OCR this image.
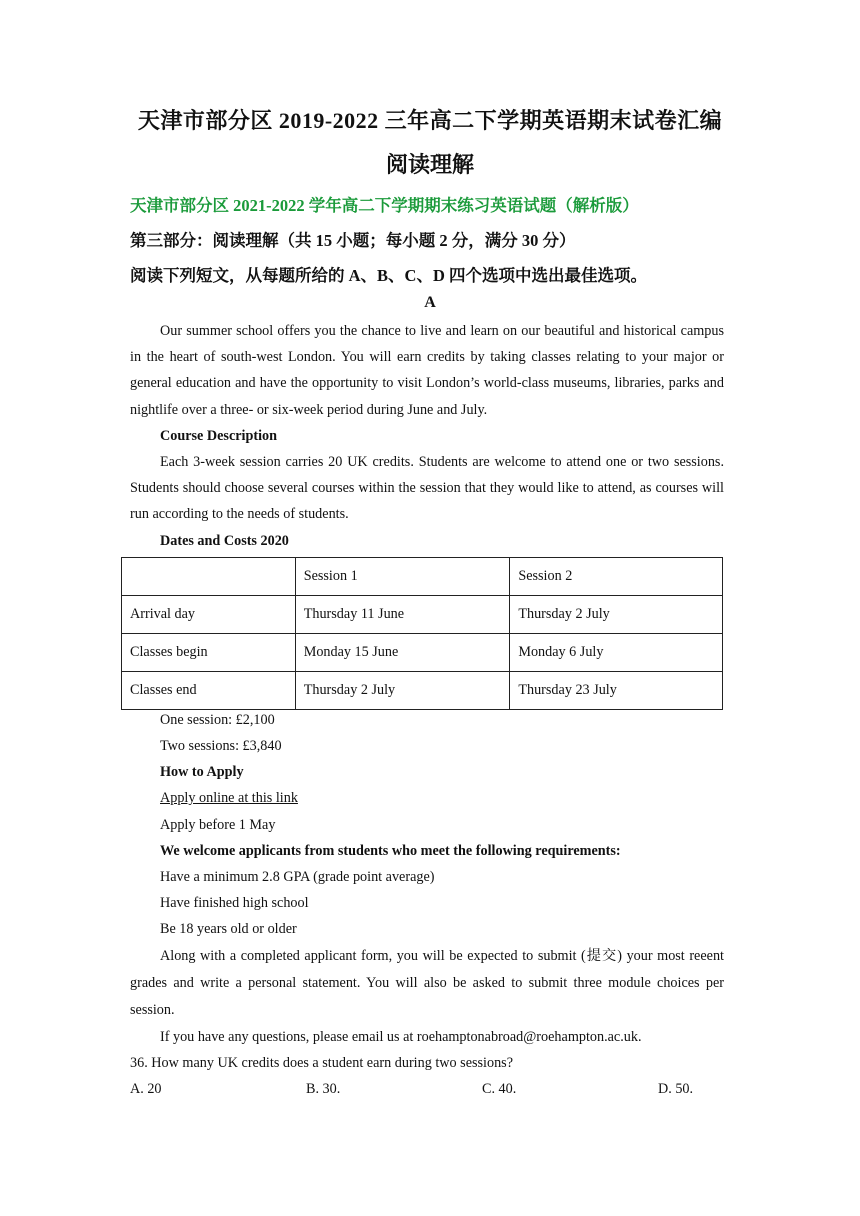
天津市部分区 2019-2022 三年高二下学期英语期末试卷汇编
阅读理解
天津市部分区 2021-2022 学年高二下学期期末练习英语试题（解析版）
第三部分：阅读理解（共 15 小题；每小题 2 分，满分 30 分）
阅读下列短文，从每题所给的 A、B、C、D 四个选项中选出最佳选项。
A
Our summer school offers you the chance to live and learn on our beautiful and historical campus in the heart of south-west London. You will earn credits by taking classes relating to your major or general education and have the opportunity to visit London’s world-class museums, libraries, parks and nightlife over a three- or six-week period during June and July.
Course Description
Each 3-week session carries 20 UK credits. Students are welcome to attend one or two sessions. Students should choose several courses within the session that they would like to attend, as courses will run according to the needs of students.
Dates and Costs 2020
	Session 1	Session 2
Arrival day	Thursday 11 June	Thursday 2 July
Classes begin	Monday 15 June	Monday 6 July
Classes end	Thursday 2 July	Thursday 23 July
One session: £2,100
Two sessions: £3,840
How to Apply
Apply online at this link
Apply before 1 May
We welcome applicants from students who meet the following requirements:
Have a minimum 2.8 GPA (grade point average)
Have finished high school
Be 18 years old or older
Along with a completed applicant form, you will be expected to submit (提交) your most reeent grades and write a personal statement. You will also be asked to submit three module choices per session.
If you have any questions, please email us at roehamptonabroad@roehampton.ac.uk.
36. How many UK credits does a student earn during two sessions?
A. 20	B. 30.	C. 40.	D. 50.
